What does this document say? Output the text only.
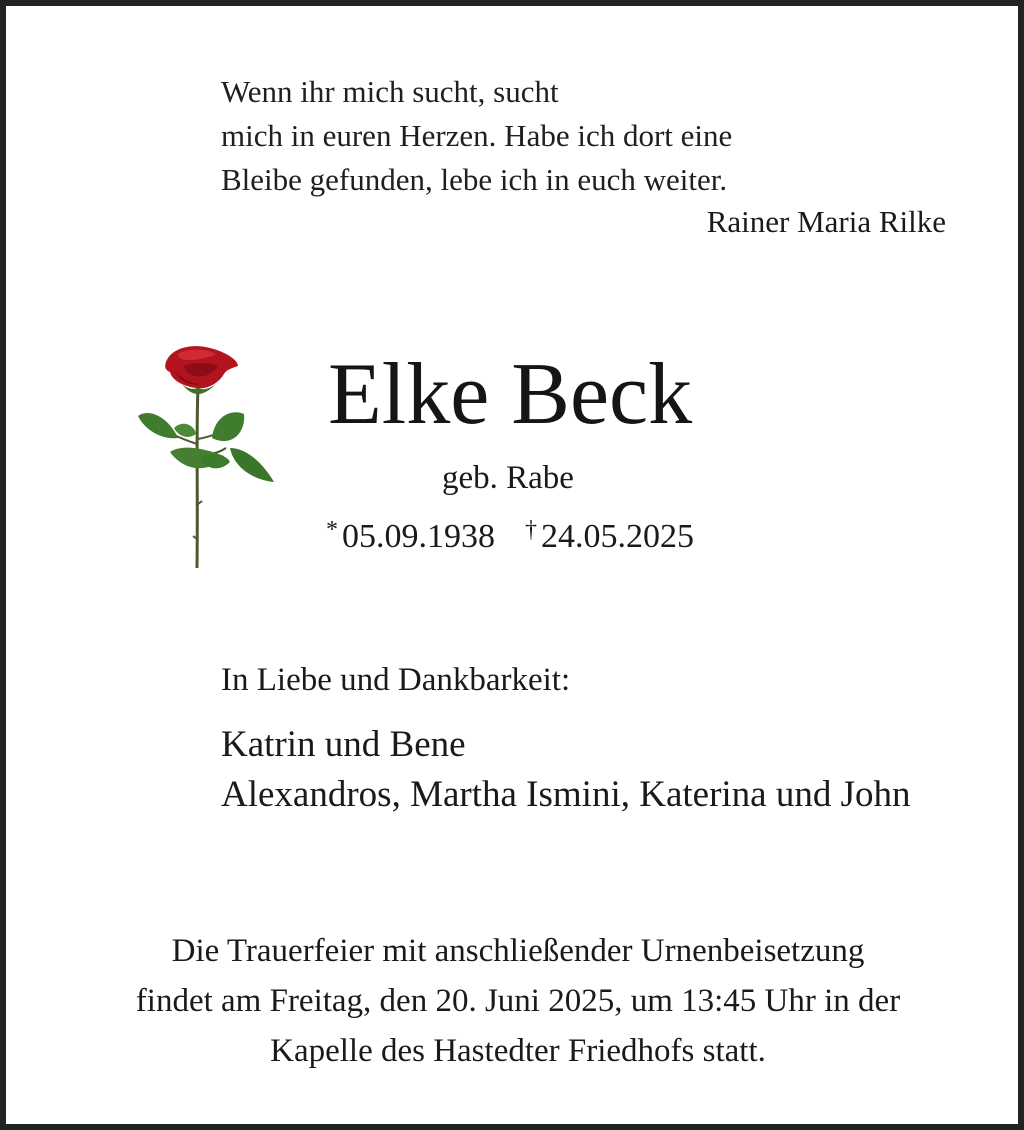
Wenn ihr mich sucht, sucht
mich in euren Herzen. Habe ich dort eine
Bleibe gefunden, lebe ich in euch weiter.
Rainer Maria Rilke
Elke Beck
geb. Rabe
* 05.09.1938 † 24.05.2025
In Liebe und Dankbarkeit:
Katrin und Bene
Alexandros, Martha Ismini, Katerina und John
Die Trauerfeier mit anschließender Urnenbeisetzung
findet am Freitag, den 20. Juni 2025, um 13:45 Uhr in der
Kapelle des Hastedter Friedhofs statt.
